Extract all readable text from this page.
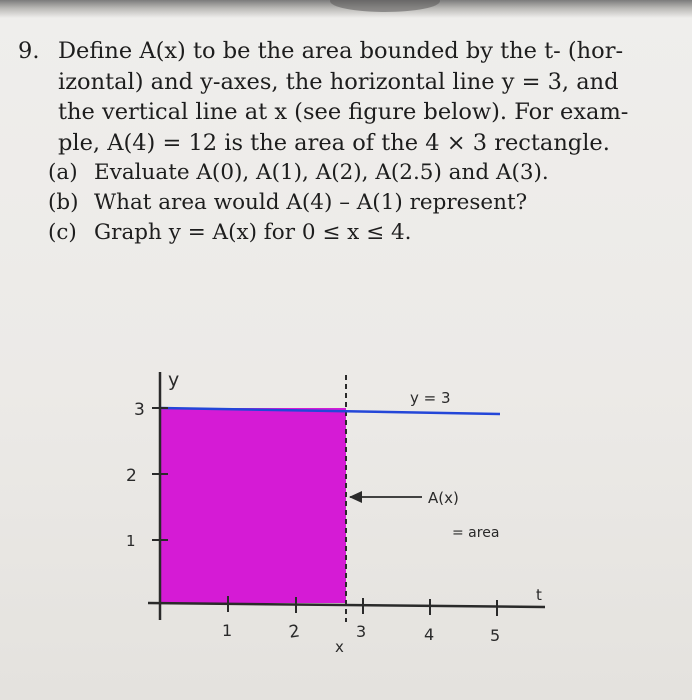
9. Define A(x) to be the area bounded by the t- (hor-
izontal) and y-axes, the horizontal line y = 3, and
the vertical line at x (see figure below). For exam-
ple, A(4) = 12 is the area of the 4 × 3 rectangle.
(a) Evaluate A(0), A(1), A(2), A(2.5) and A(3).
(b) What area would A(4) – A(1) represent?
(c) Graph y = A(x) for 0 ≤ x ≤ 4.
y
t
3
2
1
1	2	3	4	5
x
y = 3
A(x)
= area
